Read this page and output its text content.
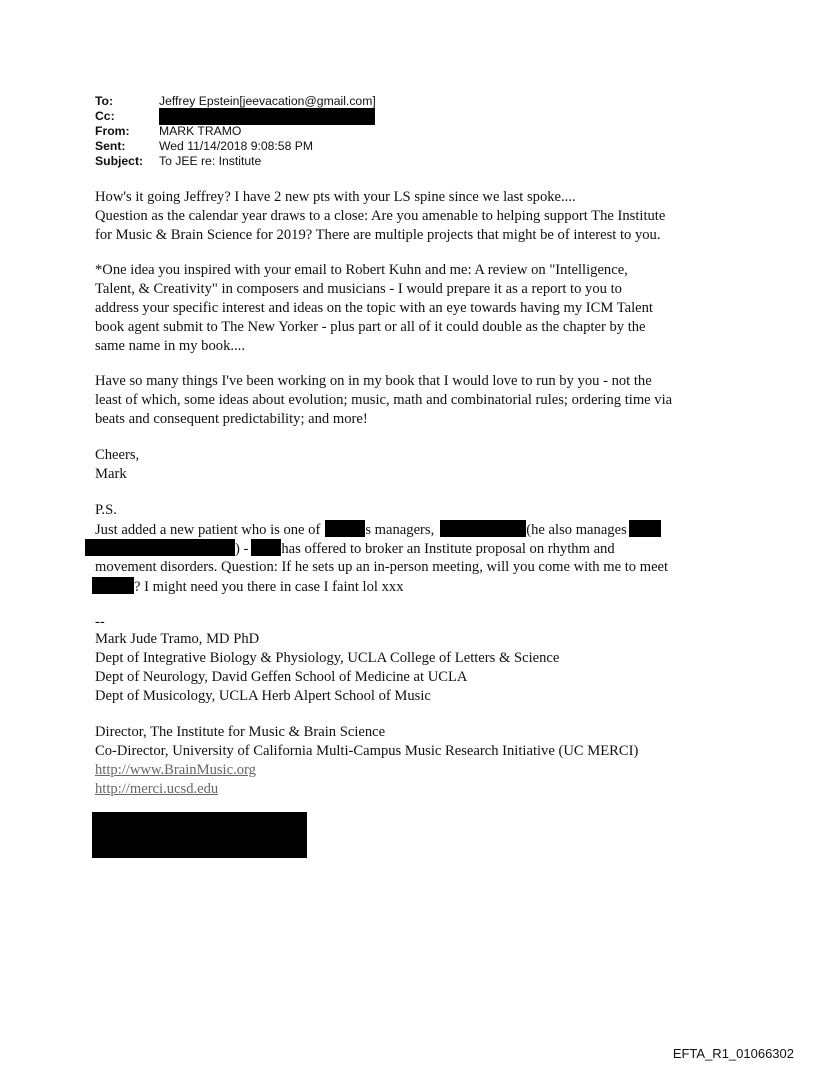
To:	Jeffrey Epstein[jeevacation@gmail.com]
Cc:
From:	MARK TRAMO
Sent:	Wed 11/14/2018 9:08:58 PM
Subject:	To JEE re: Institute
How's it going Jeffrey? I have 2 new pts with your LS spine since we last spoke....
Question as the calendar year draws to a close: Are you amenable to helping support The Institute
for Music & Brain Science for 2019? There are multiple projects that might be of interest to you.
*One idea you inspired with your email to Robert Kuhn and me: A review on "Intelligence,
Talent, & Creativity" in composers and musicians - I would prepare it as a report to you to
address your specific interest and ideas on the topic with an eye towards having my ICM Talent
book agent submit to The New Yorker - plus part or all of it could double as the chapter by the
same name in my book....
Have so many things I've been working on in my book that I would love to run by you - not the
least of which, some ideas about evolution; music, math and combinatorial rules; ordering time via
beats and consequent predictability; and more!
Cheers,
Mark
P.S.
Just added a new patient who is one of	s managers,	(he also manages
) - has offered to broker an Institute proposal on rhythm and
movement disorders. Question: If he sets up an in-person meeting, will you come with me to meet
? I might need you there in case I faint lol xxx
--
Mark Jude Tramo, MD PhD
Dept of Integrative Biology & Physiology, UCLA College of Letters & Science
Dept of Neurology, David Geffen School of Medicine at UCLA
Dept of Musicology, UCLA Herb Alpert School of Music
Director, The Institute for Music & Brain Science
Co-Director, University of California Multi-Campus Music Research Initiative (UC MERCI)
http://www.BrainMusic.org
http://merci.ucsd.edu
EFTA_R1_01066302
